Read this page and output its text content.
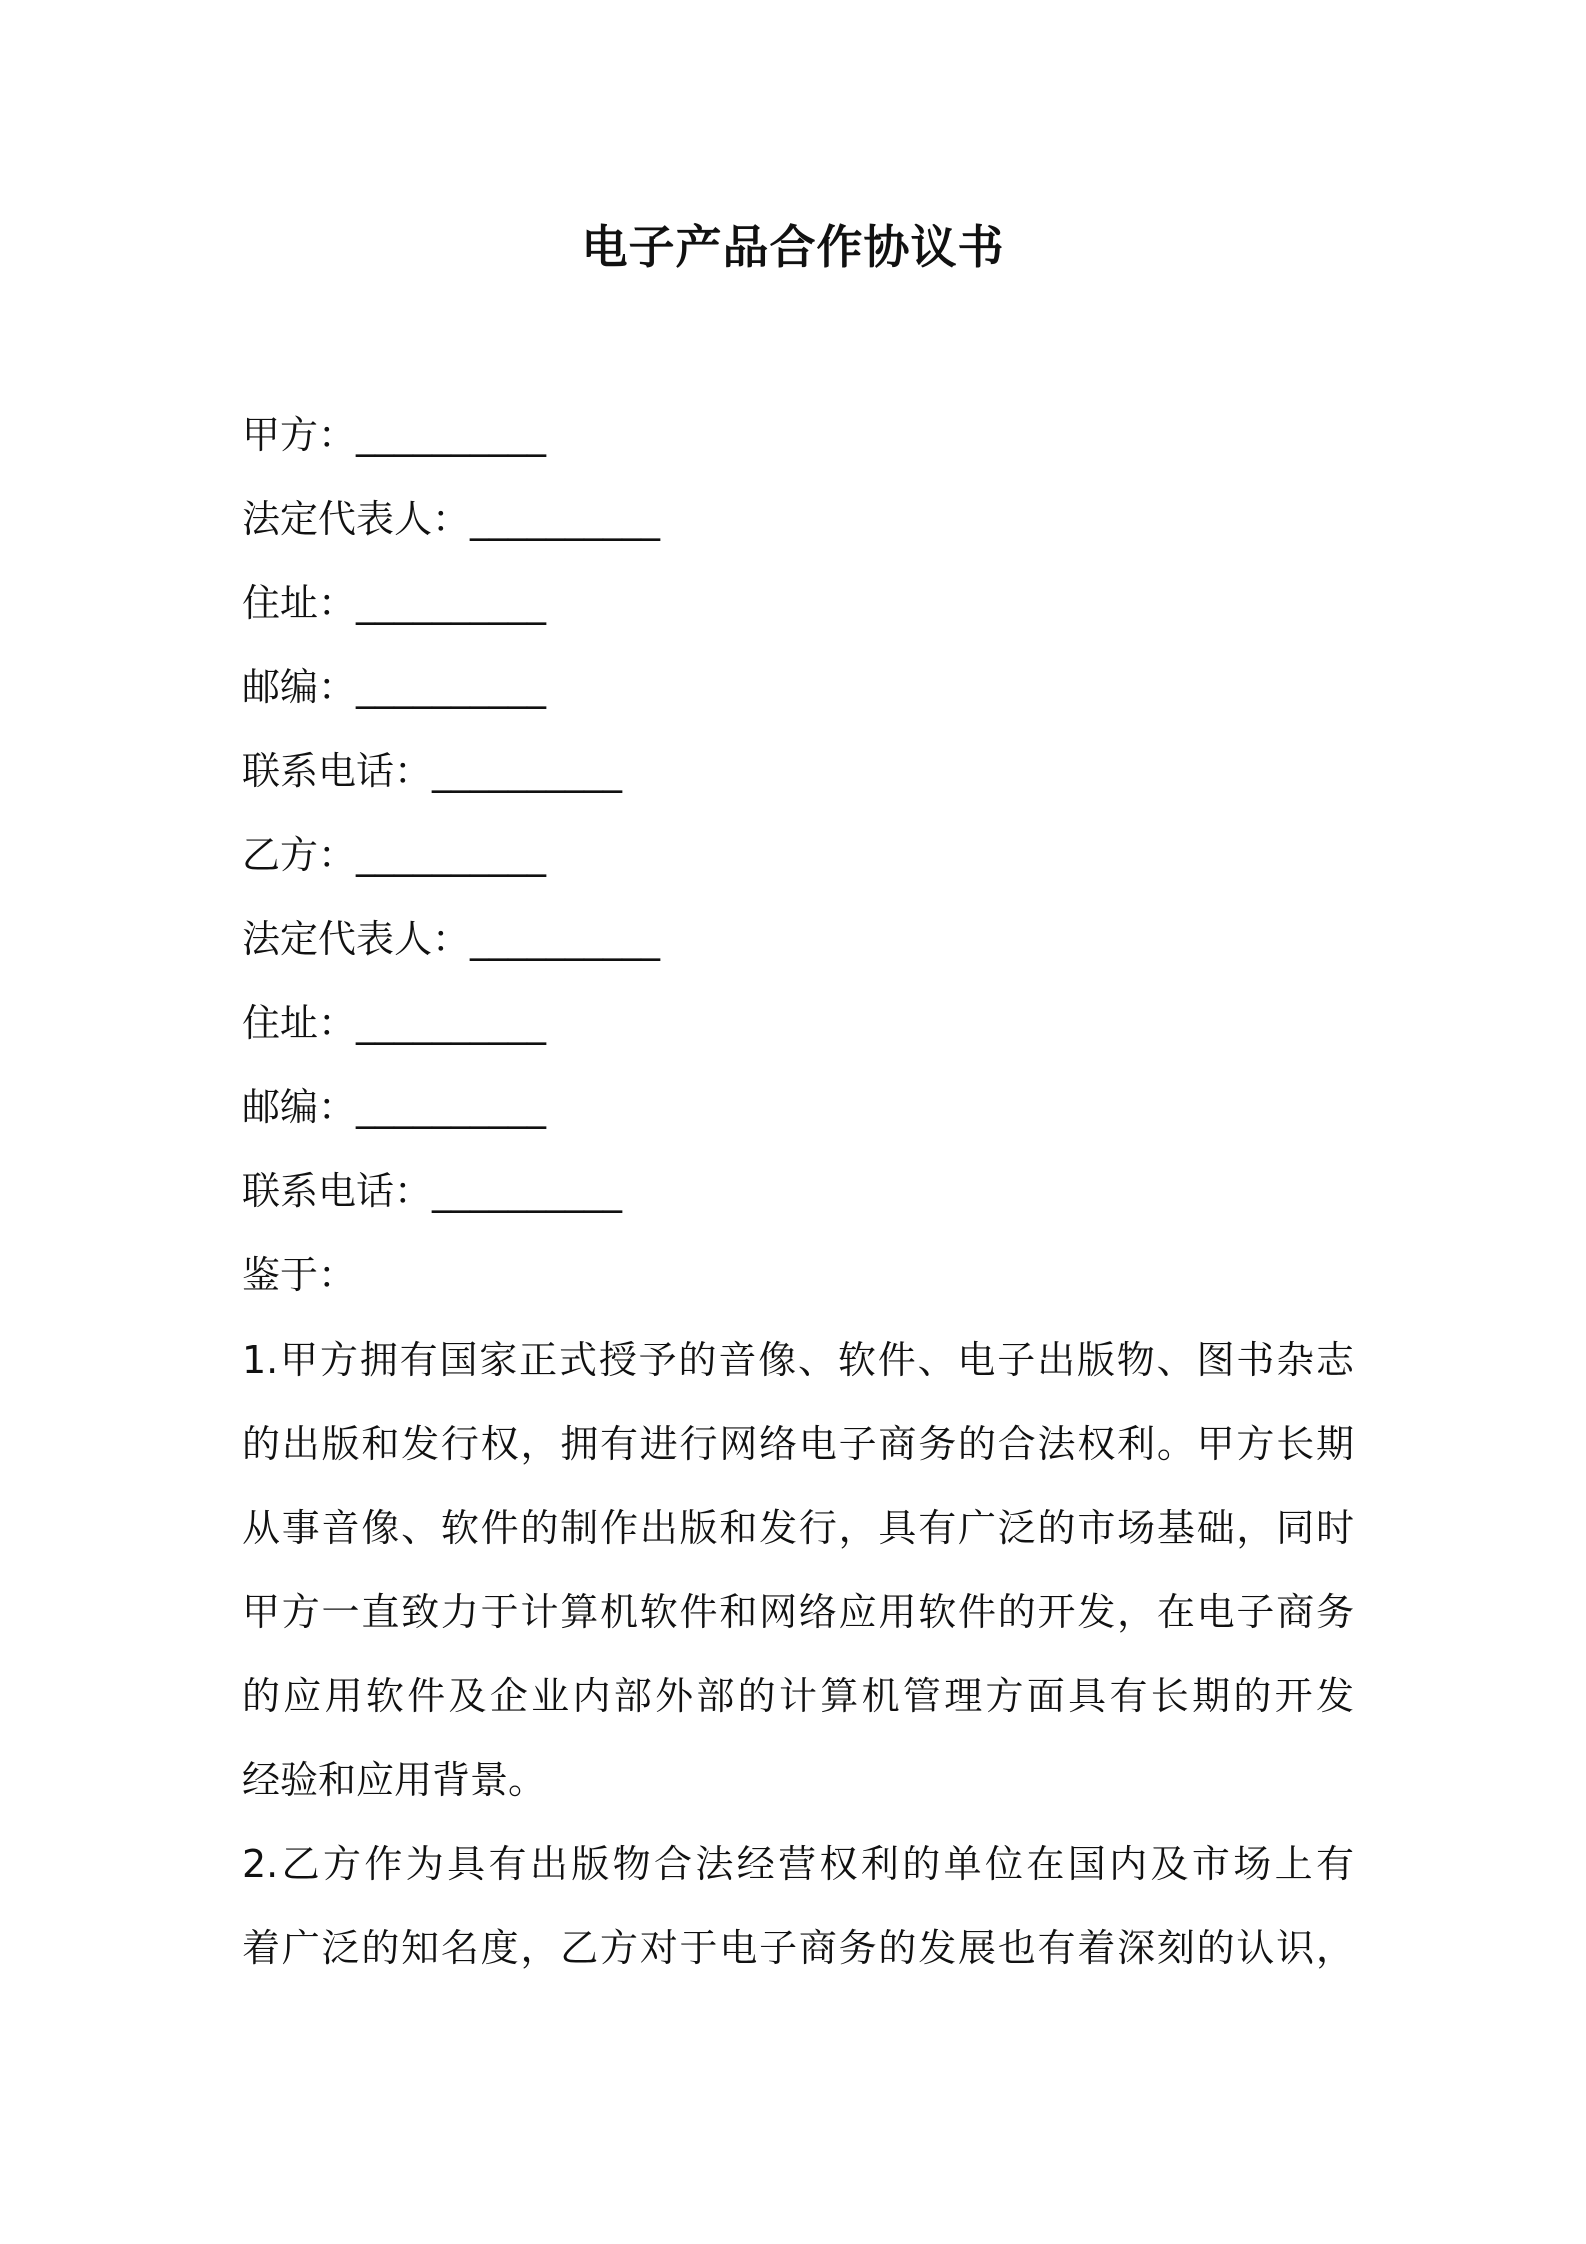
电子产品合作协议书
甲方：__________
法定代表人：__________
住址：__________
邮编：__________
联系电话：__________
乙方：__________
法定代表人：__________
住址：__________
邮编：__________
联系电话：__________
鉴于：
1.甲方拥有国家正式授予的音像、软件、电子出版物、图书杂志
的出版和发行权，拥有进行网络电子商务的合法权利。甲方长期
从事音像、软件的制作出版和发行，具有广泛的市场基础，同时
甲方一直致力于计算机软件和网络应用软件的开发，在电子商务
的应用软件及企业内部外部的计算机管理方面具有长期的开发
经验和应用背景。
2.乙方作为具有出版物合法经营权利的单位在国内及市场上有
着广泛的知名度，乙方对于电子商务的发展也有着深刻的认识，
